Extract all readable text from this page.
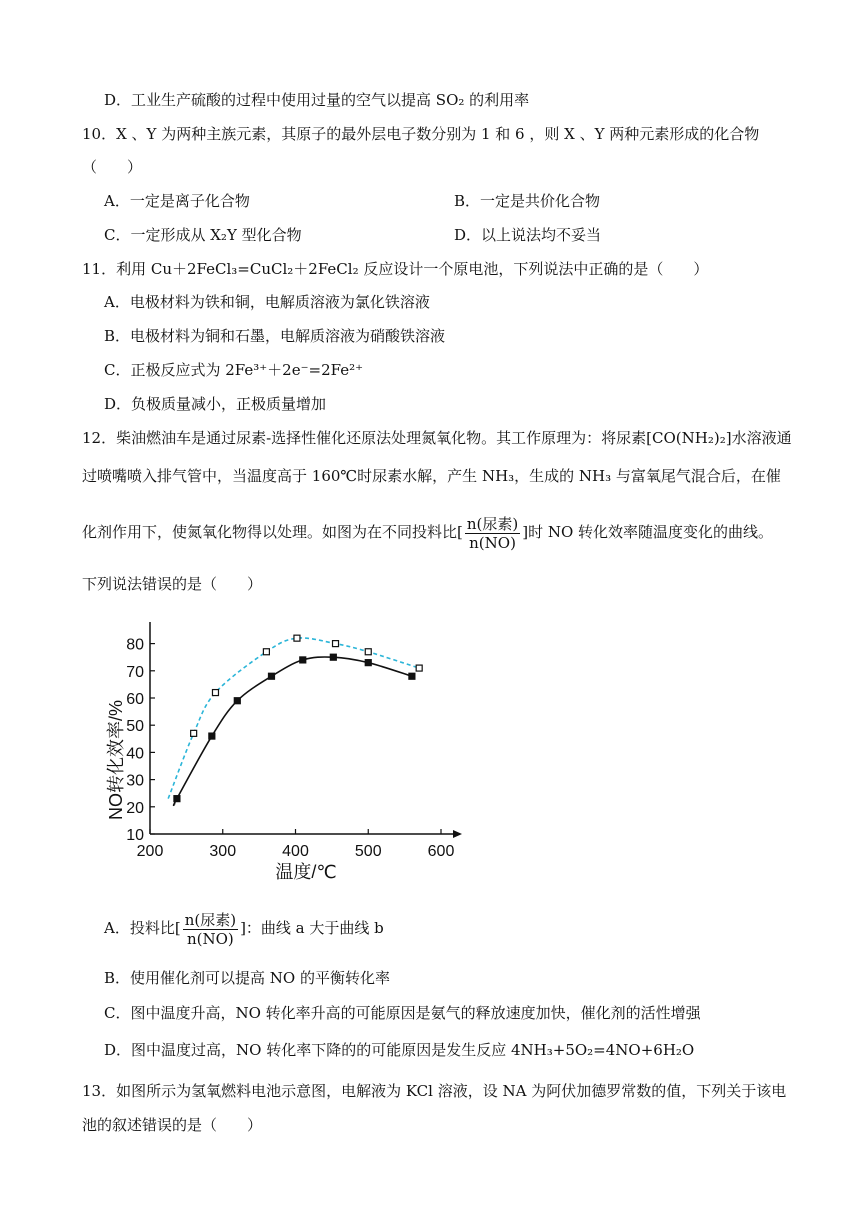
D．工业生产硫酸的过程中使用过量的空气以提高 SO₂ 的利用率
10．X 、Y 为两种主族元素，其原子的最外层电子数分别为 1 和 6 ，则 X 、Y 两种元素形成的化合物
（　　）
A．一定是离子化合物	B．一定是共价化合物
C．一定形成从 X₂Y 型化合物	D．以上说法均不妥当
11．利用 Cu＋2FeCl₃=CuCl₂＋2FeCl₂ 反应设计一个原电池，下列说法中正确的是（　　）
A．电极材料为铁和铜，电解质溶液为氯化铁溶液
B．电极材料为铜和石墨，电解质溶液为硝酸铁溶液
C．正极反应式为 2Fe³⁺＋2e⁻=2Fe²⁺
D．负极质量减小，正极质量增加
12．柴油燃油车是通过尿素-选择性催化还原法处理氮氧化物。其工作原理为：将尿素[CO(NH₂)₂]水溶液通
过喷嘴喷入排气管中，当温度高于 160℃时尿素水解，产生 NH₃，生成的 NH₃ 与富氧尾气混合后，在催
化剂作用下，使氮氧化物得以处理。如图为在不同投料比[ $\frac{\text{n(尿素)}}{n(NO)}$ ]时 NO 转化效率随温度变化的曲线。
下列说法错误的是（　　）
200	300	400	500	600
10
20
30
40
50
60
70
80
NO转化效率/%
温度/℃
A．投料比[ $\frac{\text{n(尿素)}}{n(NO)}$ ]：曲线 a 大于曲线 b
B．使用催化剂可以提高 NO 的平衡转化率
C．图中温度升高，NO 转化率升高的可能原因是氨气的释放速度加快，催化剂的活性增强
D．图中温度过高，NO 转化率下降的的可能原因是发生反应 4NH₃+5O₂=4NO+6H₂O
13．如图所示为氢氧燃料电池示意图，电解液为 KCl 溶液，设 NA 为阿伏加德罗常数的值，下列关于该电
池的叙述错误的是（　　）
